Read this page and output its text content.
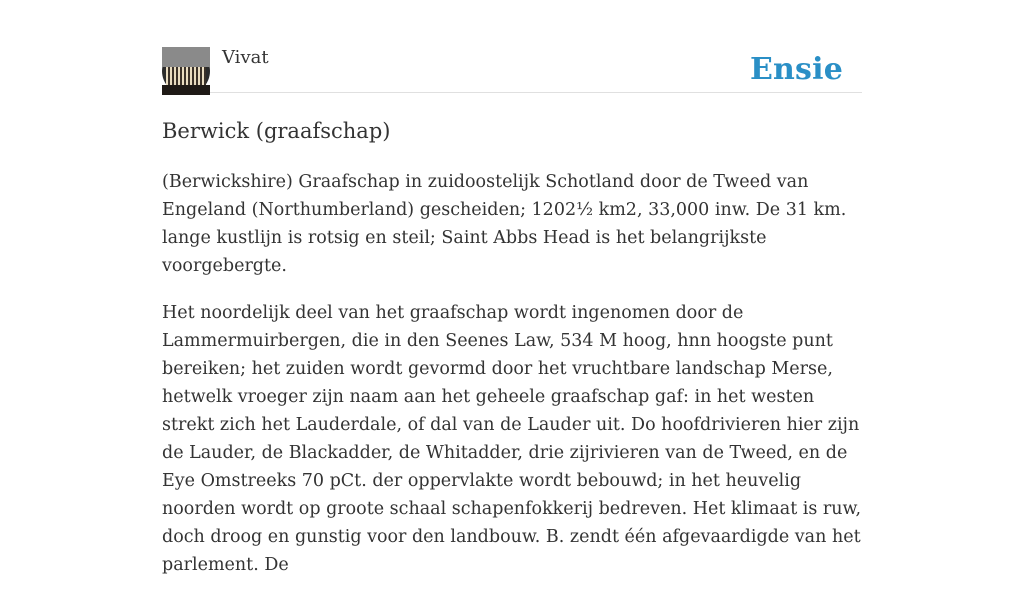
Vivat	Ensie
Berwick (graafschap)

(Berwickshire) Graafschap in zuidoostelijk Schotland door de Tweed van Engeland (Northumberland) gescheiden; 1202½ km2, 33,000 inw. De 31 km. lange kustlijn is rotsig en steil; Saint Abbs Head is het belangrijkste voorgebergte.

Het noordelijk deel van het graafschap wordt ingenomen door de Lammermuirbergen, die in den Seenes Law, 534 M hoog, hnn hoogste punt bereiken; het zuiden wordt gevormd door het vruchtbare landschap Merse, hetwelk vroeger zijn naam aan het geheele graafschap gaf: in het westen strekt zich het Lauderdale, of dal van de Lauder uit. Do hoofdrivieren hier zijn de Lauder, de Blackadder, de Whitadder, drie zijrivieren van de Tweed, en de Eye Omstreeks 70 pCt. der oppervlakte wordt bebouwd; in het heuvelig noorden wordt op groote schaal schapenfokkerij bedreven. Het klimaat is ruw, doch droog en gunstig voor den landbouw. B. zendt één afgevaardigde van het parlement. De
